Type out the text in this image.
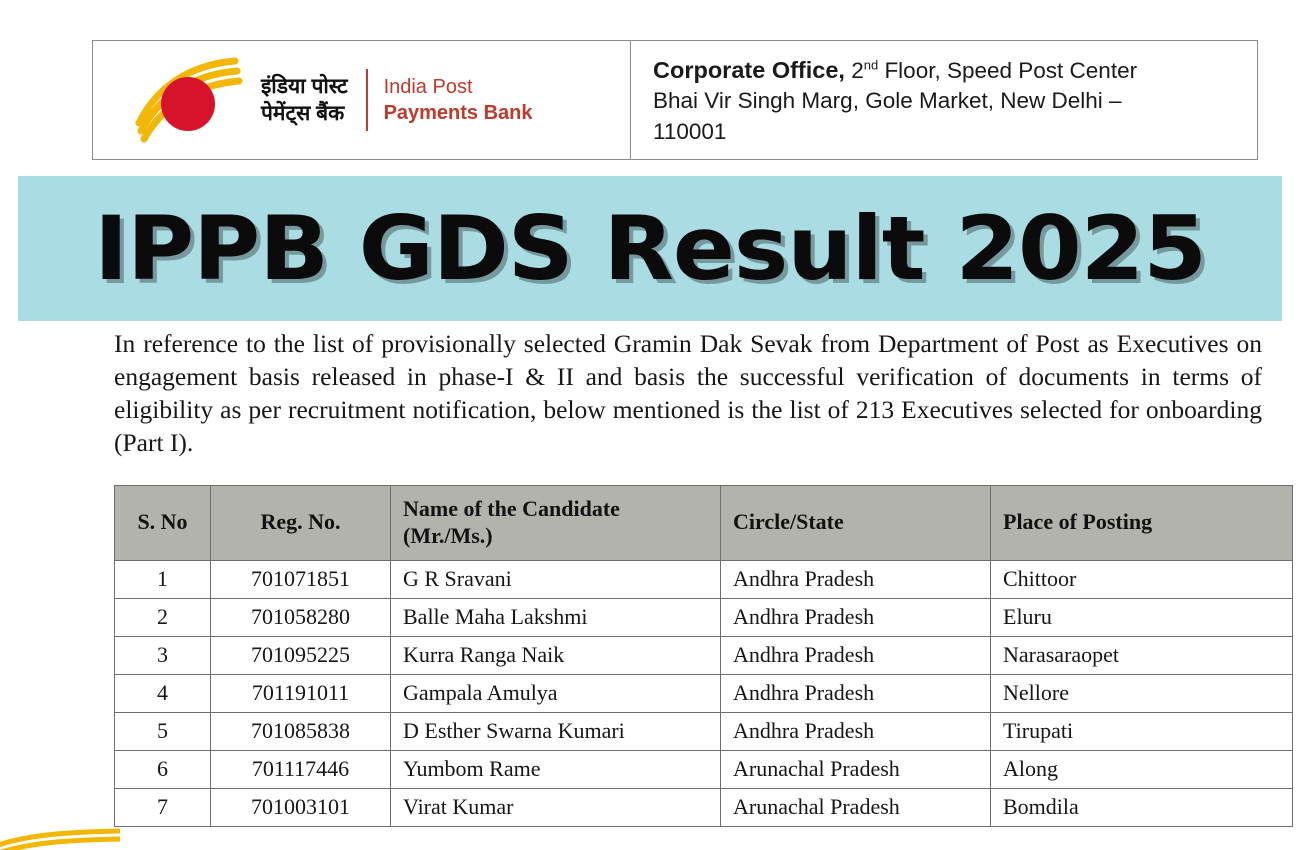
इंडिया पोस्ट
पेमेंट्स बैंक
India Post
Payments Bank
Corporate Office, 2nd Floor, Speed Post Center
Bhai Vir Singh Marg, Gole Market, New Delhi –
110001
IPPB GDS Result 2025
In reference to the list of provisionally selected Gramin Dak Sevak from Department of Post as Executives on engagement basis released in phase-I & II and basis the successful verification of documents in terms of eligibility as per recruitment notification, below mentioned is the list of 213 Executives selected for onboarding (Part I).
S. No	Reg. No.	Name of the Candidate (Mr./Ms.)	Circle/State	Place of Posting
1	701071851	G R Sravani	Andhra Pradesh	Chittoor
2	701058280	Balle Maha Lakshmi	Andhra Pradesh	Eluru
3	701095225	Kurra Ranga Naik	Andhra Pradesh	Narasaraopet
4	701191011	Gampala Amulya	Andhra Pradesh	Nellore
5	701085838	D Esther Swarna Kumari	Andhra Pradesh	Tirupati
6	701117446	Yumbom Rame	Arunachal Pradesh	Along
7	701003101	Virat Kumar	Arunachal Pradesh	Bomdila
